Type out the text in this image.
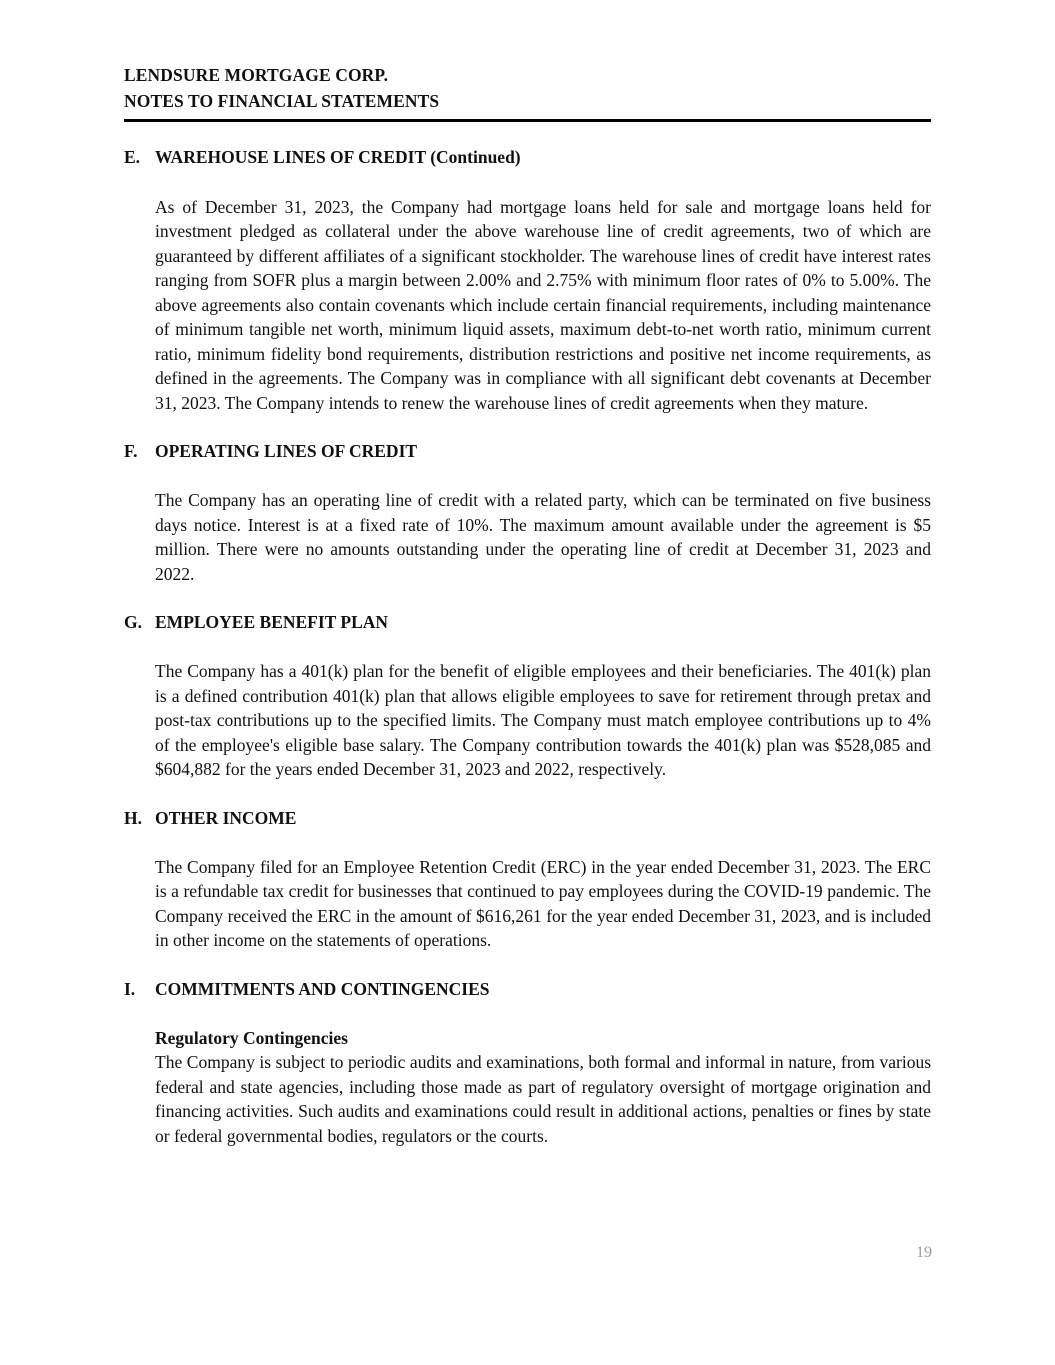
LENDSURE MORTGAGE CORP.
NOTES TO FINANCIAL STATEMENTS
E. WAREHOUSE LINES OF CREDIT (Continued)

As of December 31, 2023, the Company had mortgage loans held for sale and mortgage loans held for investment pledged as collateral under the above warehouse line of credit agreements, two of which are guaranteed by different affiliates of a significant stockholder. The warehouse lines of credit have interest rates ranging from SOFR plus a margin between 2.00% and 2.75% with minimum floor rates of 0% to 5.00%. The above agreements also contain covenants which include certain financial requirements, including maintenance of minimum tangible net worth, minimum liquid assets, maximum debt-to-net worth ratio, minimum current ratio, minimum fidelity bond requirements, distribution restrictions and positive net income requirements, as defined in the agreements. The Company was in compliance with all significant debt covenants at December 31, 2023. The Company intends to renew the warehouse lines of credit agreements when they mature.

F.	OPERATING LINES OF CREDIT

The Company has an operating line of credit with a related party, which can be terminated on five business days notice. Interest is at a fixed rate of 10%. The maximum amount available under the agreement is $5 million. There were no amounts outstanding under the operating line of credit at December 31, 2023 and 2022.

G. EMPLOYEE BENEFIT PLAN

The Company has a 401(k) plan for the benefit of eligible employees and their beneficiaries. The 401(k) plan is a defined contribution 401(k) plan that allows eligible employees to save for retirement through pretax and post-tax contributions up to the specified limits. The Company must match employee contributions up to 4% of the employee's eligible base salary. The Company contribution towards the 401(k) plan was $528,085 and $604,882 for the years ended December 31, 2023 and 2022, respectively.

H. OTHER INCOME

The Company filed for an Employee Retention Credit (ERC) in the year ended December 31, 2023. The ERC is a refundable tax credit for businesses that continued to pay employees during the COVID-19 pandemic. The Company received the ERC in the amount of $616,261 for the year ended December 31, 2023, and is included in other income on the statements of operations.

I.	COMMITMENTS AND CONTINGENCIES
Regulatory Contingencies

The Company is subject to periodic audits and examinations, both formal and informal in nature, from various federal and state agencies, including those made as part of regulatory oversight of mortgage origination and financing activities. Such audits and examinations could result in additional actions, penalties or fines by state or federal governmental bodies, regulators or the courts.

19
